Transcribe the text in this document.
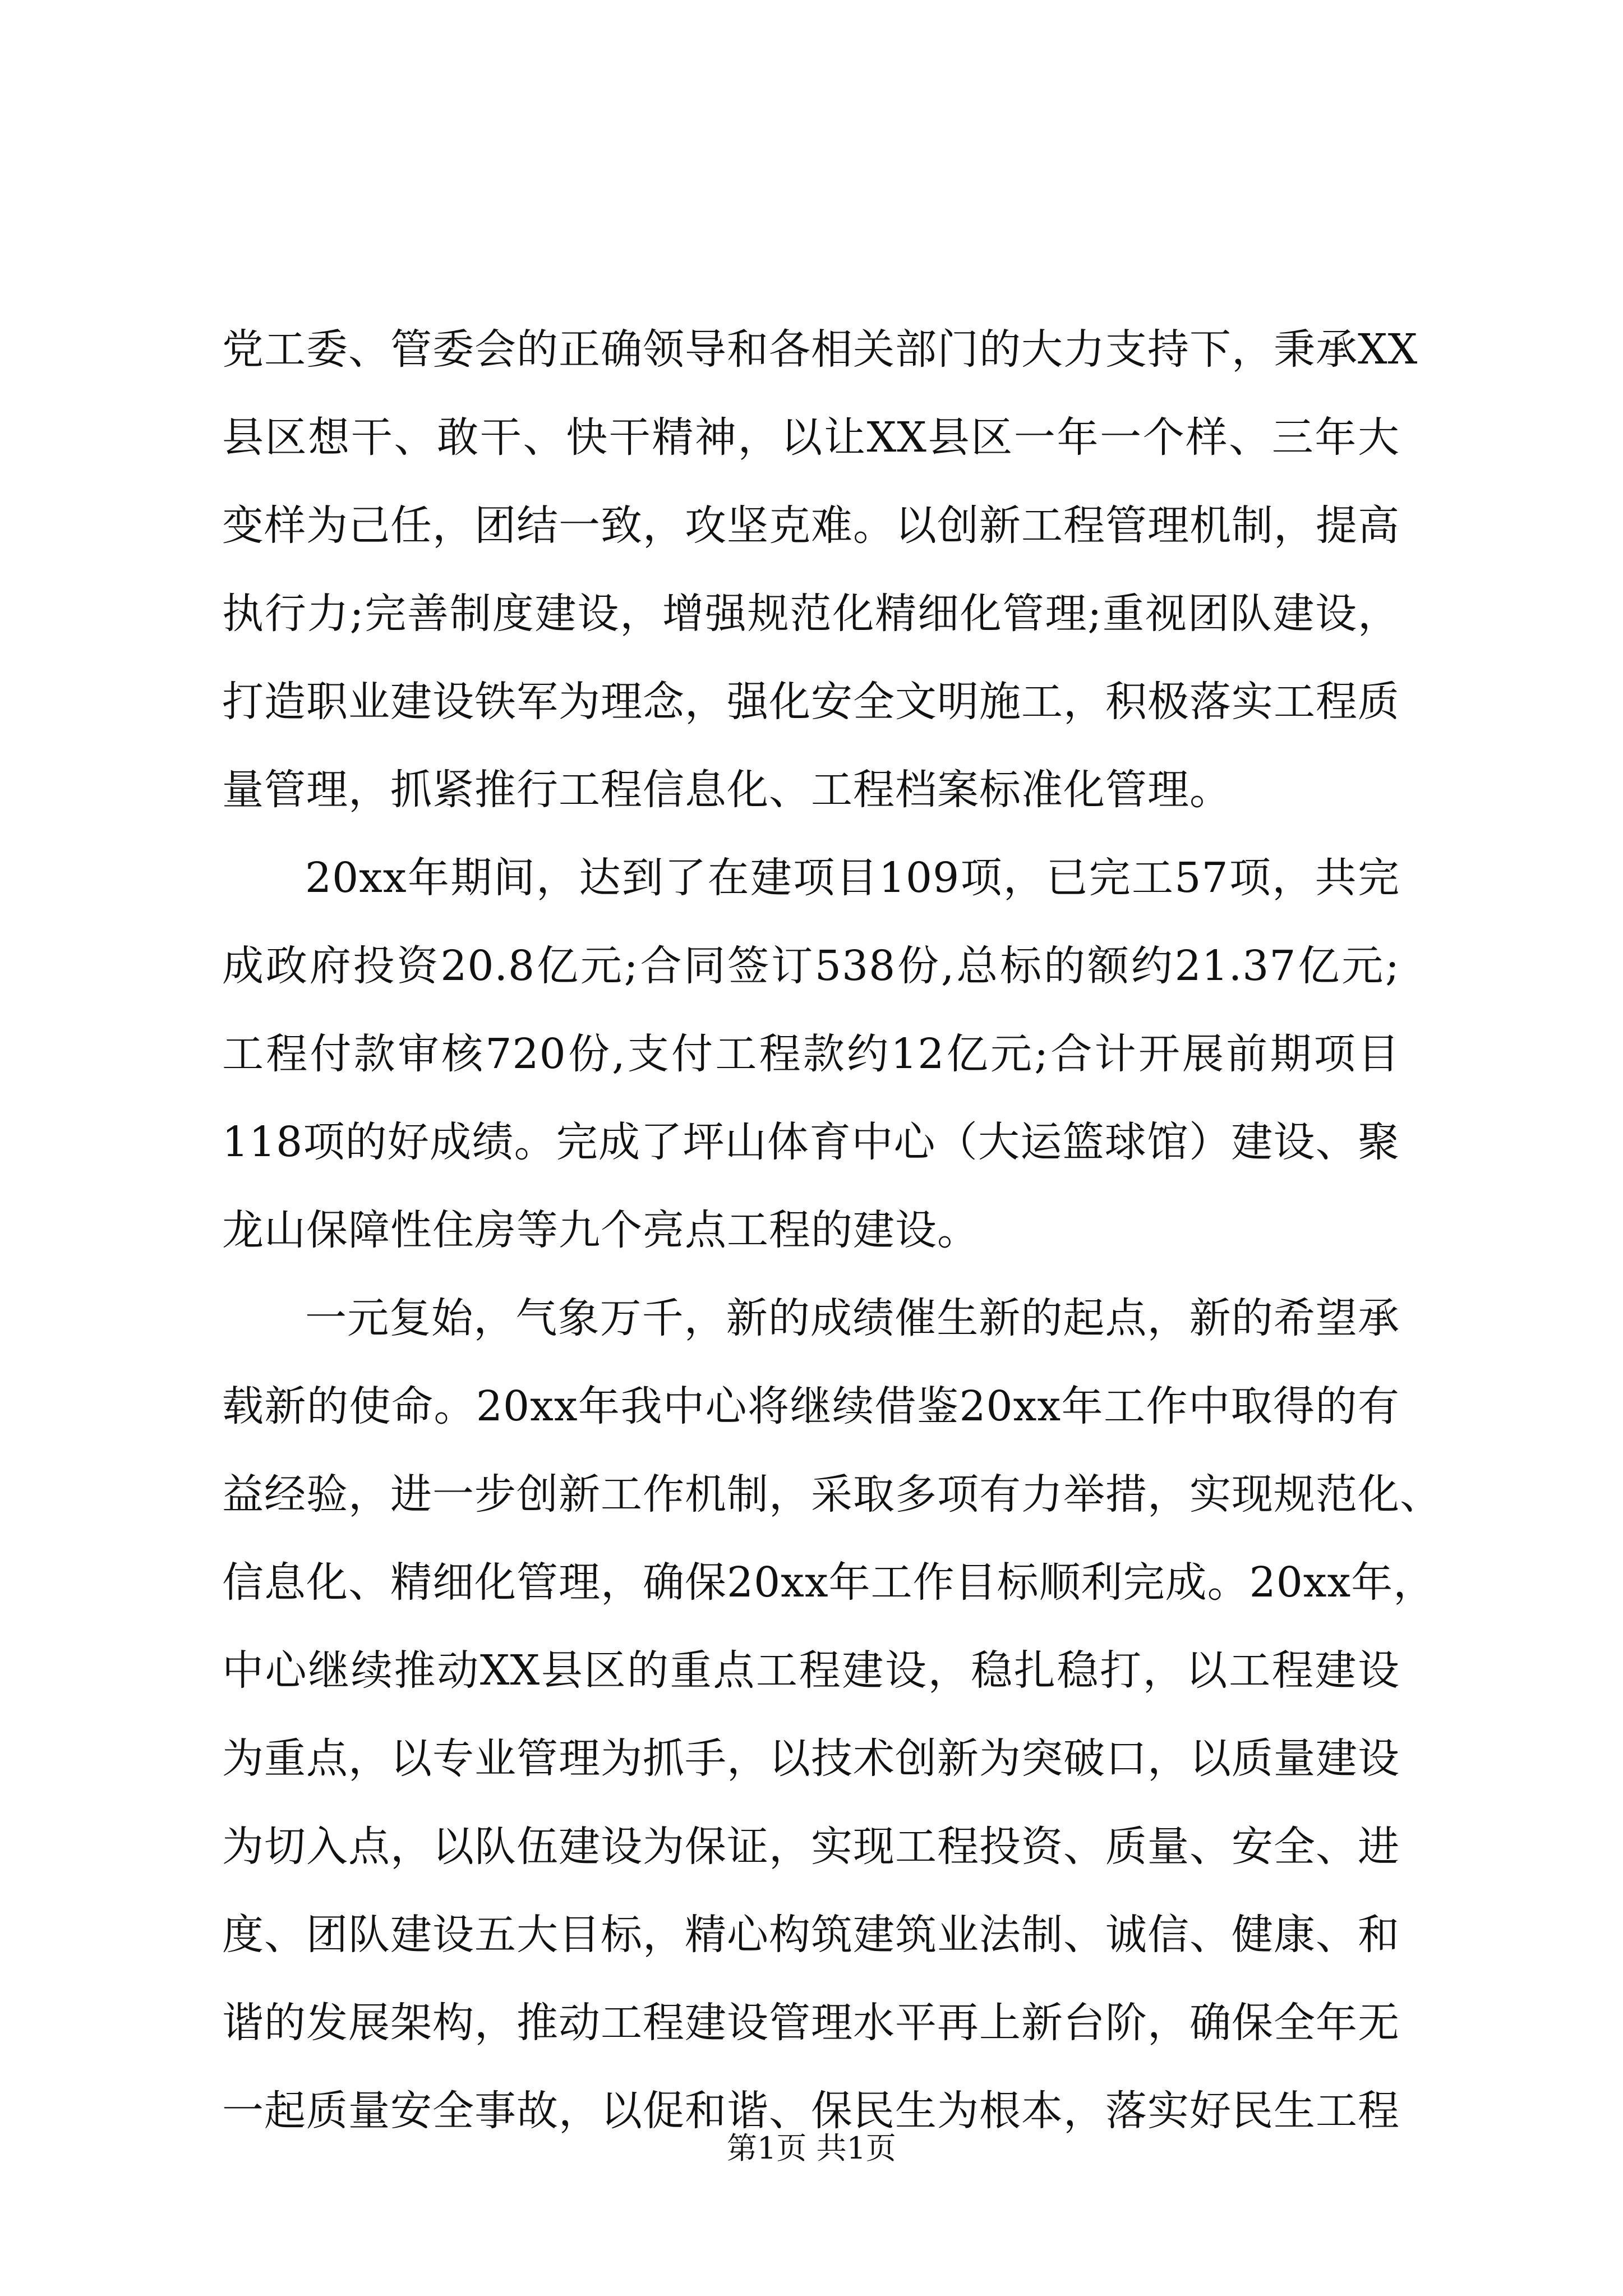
党工委、管委会的正确领导和各相关部门的大力支持下，秉承XX
县区想干、敢干、快干精神，以让XX县区一年一个样、三年大
变样为己任，团结一致，攻坚克难。以创新工程管理机制，提高
执行力;完善制度建设，增强规范化精细化管理;重视团队建设，
打造职业建设铁军为理念，强化安全文明施工，积极落实工程质
量管理，抓紧推行工程信息化、工程档案标准化管理。
20xx年期间，达到了在建项目109项，已完工57项，共完
成政府投资20.8亿元;合同签订538份,总标的额约21.37亿元;
工程付款审核720份,支付工程款约12亿元;合计开展前期项目
118项的好成绩。完成了坪山体育中心（大运篮球馆）建设、聚
龙山保障性住房等九个亮点工程的建设。
一元复始，气象万千，新的成绩催生新的起点，新的希望承
载新的使命。20xx年我中心将继续借鉴20xx年工作中取得的有
益经验，进一步创新工作机制，采取多项有力举措，实现规范化、
信息化、精细化管理，确保20xx年工作目标顺利完成。20xx年，
中心继续推动XX县区的重点工程建设，稳扎稳打，以工程建设
为重点，以专业管理为抓手，以技术创新为突破口，以质量建设
为切入点，以队伍建设为保证，实现工程投资、质量、安全、进
度、团队建设五大目标，精心构筑建筑业法制、诚信、健康、和
谐的发展架构，推动工程建设管理水平再上新台阶，确保全年无
一起质量安全事故，以促和谐、保民生为根本，落实好民生工程
第1页 共1页
